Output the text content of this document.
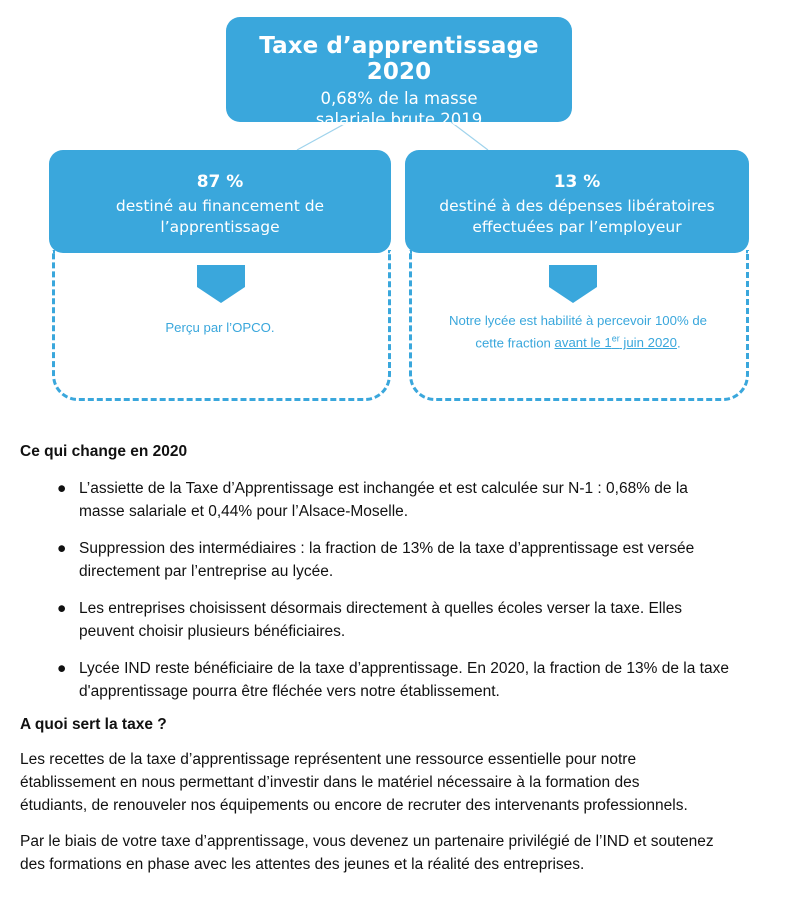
Taxe d’apprentissage 2020
0,68% de la masse
salariale brute 2019
87 %
destiné au financement de
l’apprentissage
13 %
destiné à des dépenses libératoires
effectuées par l’employeur
Perçu par l’OPCO.	Notre lycée est habilité à percevoir 100% de
cette fraction avant le 1er juin 2020.
Ce qui change en 2020
● L’assiette de la Taxe d’Apprentissage est inchangée et est calculée sur N-1 : 0,68% de la
masse salariale et 0,44% pour l’Alsace-Moselle.
● Suppression des intermédiaires : la fraction de 13% de la taxe d’apprentissage est versée
directement par l’entreprise au lycée.
● Les entreprises choisissent désormais directement à quelles écoles verser la taxe. Elles
peuvent choisir plusieurs bénéficiaires.
● Lycée IND reste bénéficiaire de la taxe d’apprentissage. En 2020, la fraction de 13% de la taxe
d'apprentissage pourra être fléchée vers notre établissement.
A quoi sert la taxe ?

Les recettes de la taxe d’apprentissage représentent une ressource essentielle pour notre
établissement en nous permettant d’investir dans le matériel nécessaire à la formation des
étudiants, de renouveler nos équipements ou encore de recruter des intervenants professionnels.

Par le biais de votre taxe d’apprentissage, vous devenez un partenaire privilégié de l’IND et soutenez
des formations en phase avec les attentes des jeunes et la réalité des entreprises.
